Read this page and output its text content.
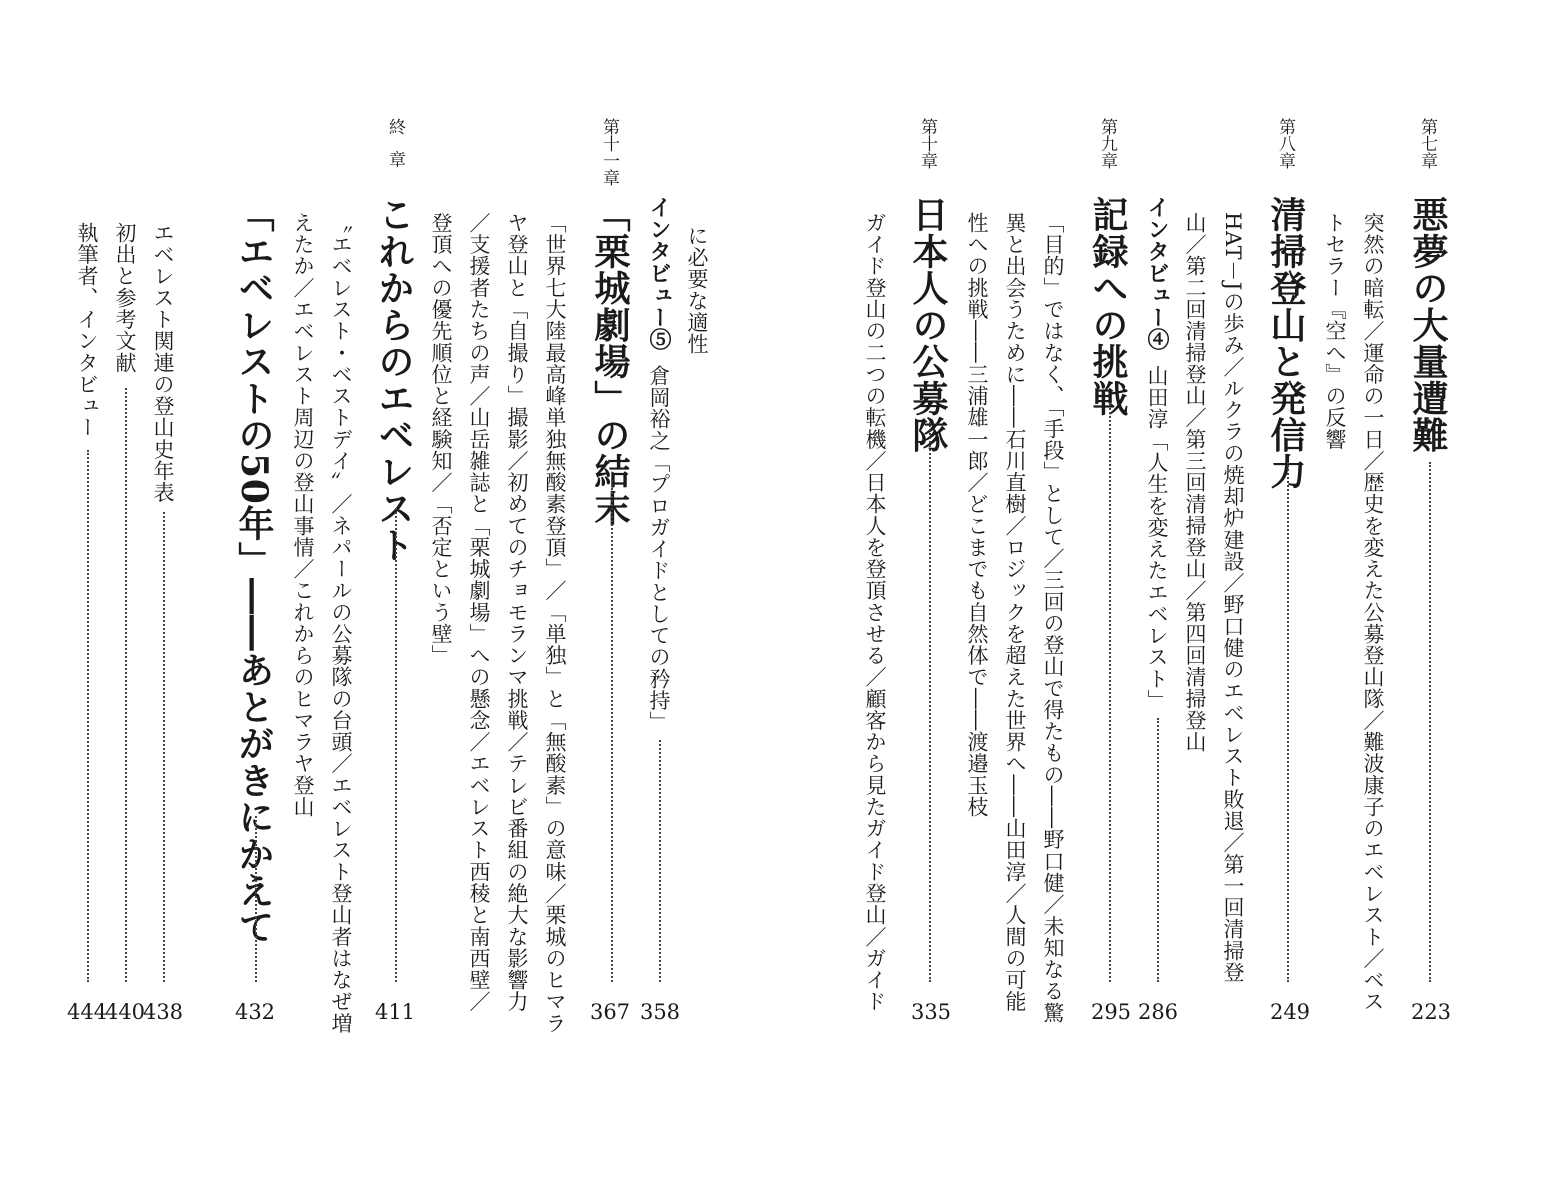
第七章
悪夢の大量遭難
223
突然の暗転／運命の一日／歴史を変えた公募登山隊／難波康子のエベレスト／ベス
トセラー『空へ』の反響
第八章
清掃登山と発信力
249
HAT－Jの歩み／ルクラの焼却炉建設／野口健のエベレスト敗退／第一回清掃登
山／第二回清掃登山／第三回清掃登山／第四回清掃登山
インタビュー④
山田淳「人生を変えたエベレスト」
286
第九章
記録への挑戦
295
「目的」ではなく、「手段」として／三回の登山で得たもの――野口健／未知なる驚
異と出会うために――石川直樹／ロジックを超えた世界へ――山田淳／人間の可能
性への挑戦――三浦雄一郎／どこまでも自然体で――渡邉玉枝
第十章
日本人の公募隊
335
ガイド登山の二つの転機／日本人を登頂させる／顧客から見たガイド登山／ガイド
に必要な適性
インタビュー⑤
倉岡裕之「プロガイドとしての矜持」
358
第十一章
「栗城劇場」の結末
367
「世界七大陸最高峰単独無酸素登頂」／「単独」と「無酸素」の意味／栗城のヒマラ
ヤ登山と「自撮り」撮影／初めてのチョモランマ挑戦／テレビ番組の絶大な影響力
／支援者たちの声／山岳雑誌と「栗城劇場」への懸念／エベレスト西稜と南西壁／
登頂への優先順位と経験知／「否定という壁」
終章
これからのエベレスト
411
〝エベレスト・ベストデイ〟／ネパールの公募隊の台頭／エベレスト登山者はなぜ増
えたか／エベレスト周辺の登山事情／これからのヒマラヤ登山
「エベレストの50年」――あとがきにかえて
432
エベレスト関連の登山史年表
438
初出と参考文献
440
執筆者、インタビュー
444
